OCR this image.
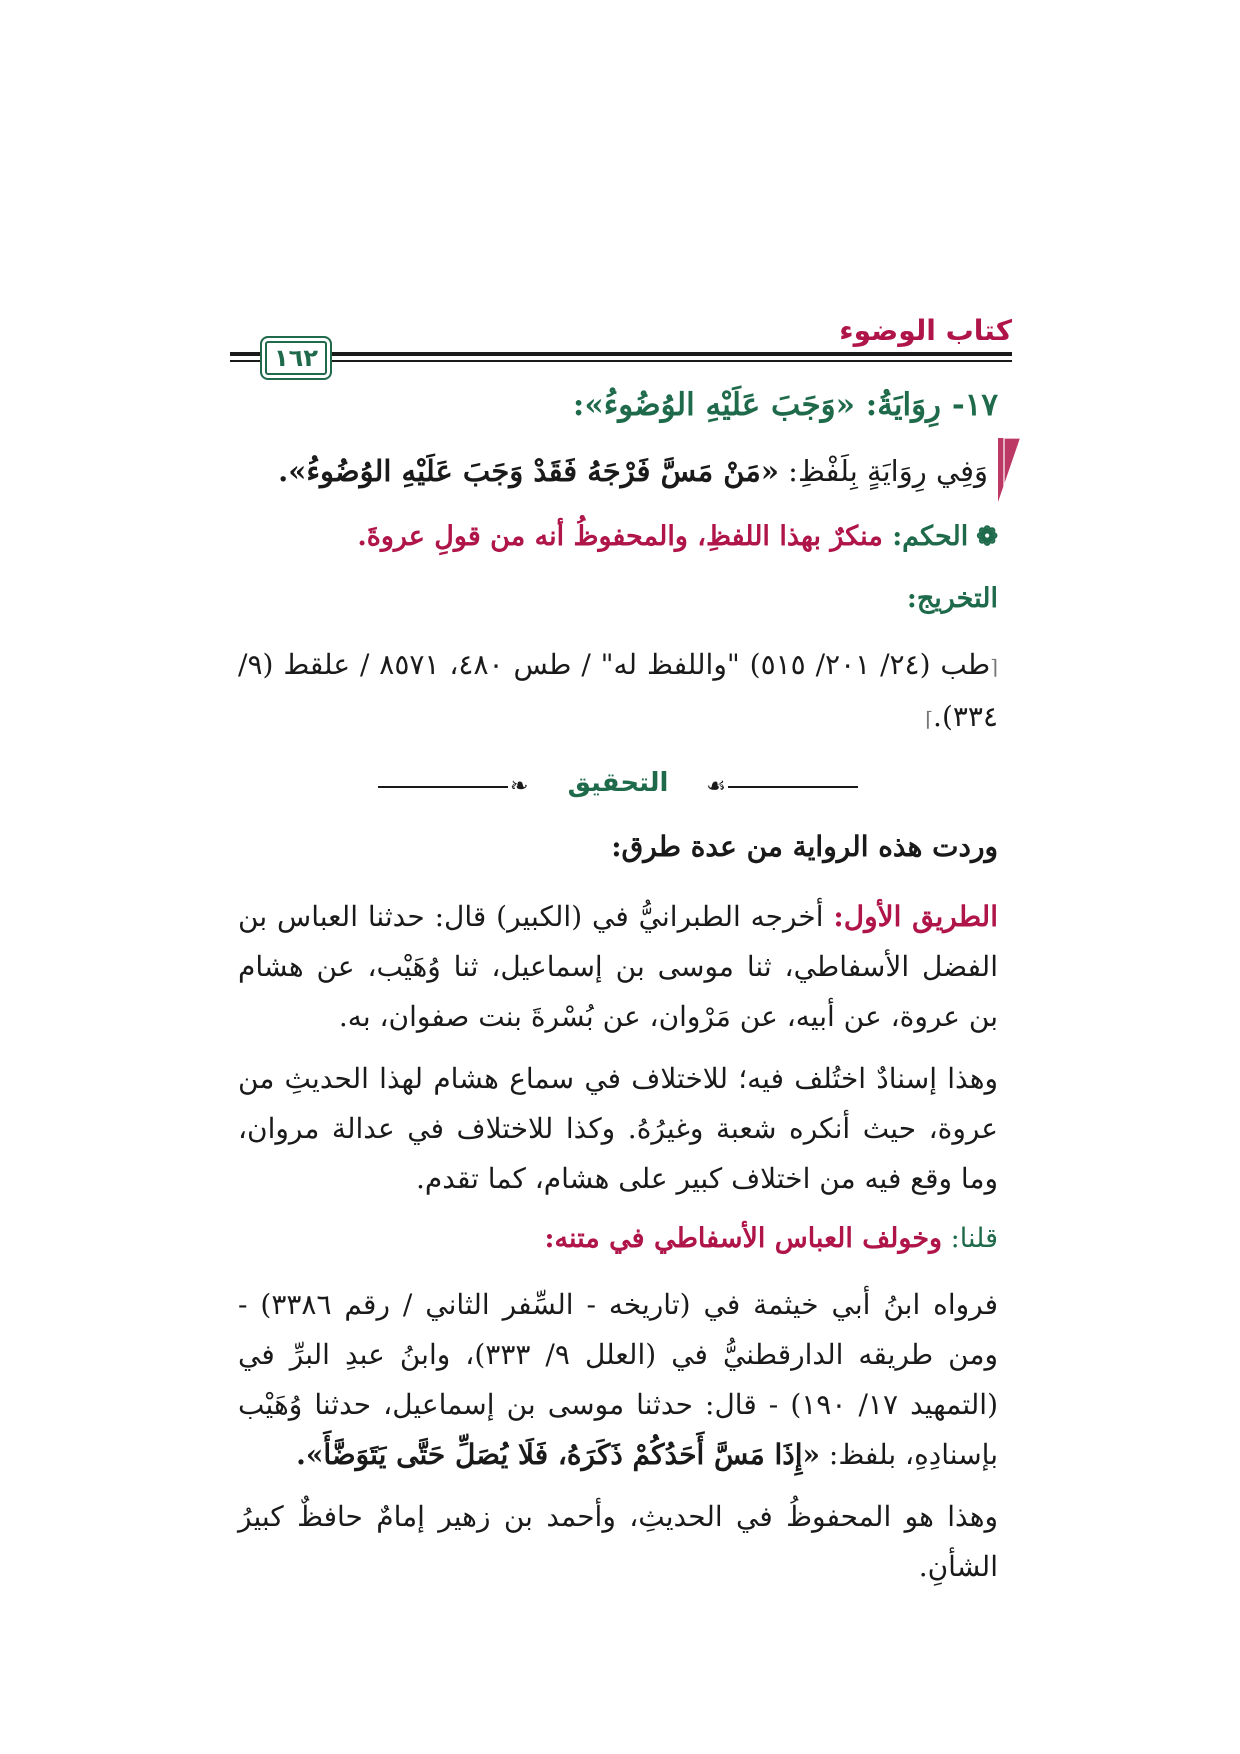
كتاب الوضوء
١٦٢

١٧- رِوَايَةُ: «وَجَبَ عَلَيْهِ الوُضُوءُ»:

وَفِي رِوَايَةٍ بِلَفْظِ: «مَنْ مَسَّ فَرْجَهُ فَقَدْ وَجَبَ عَلَيْهِ الوُضُوءُ».

❁الحكم: منكرٌ بهذا اللفظِ، والمحفوظُ أنه من قولِ عروةَ.

التخريج:

⌈طب (٢٤/ ٢٠١/ ٥١٥) "واللفظ له" / طس ٤٨٠، ٨٥٧١ / علقط (٩/ ٣٣٤).⌉

❧	☙
التحقيق

وردت هذه الرواية من عدة طرق:

الطريق الأول: أخرجه الطبرانيُّ في (الكبير) قال: حدثنا العباس بن الفضل الأسفاطي، ثنا موسى بن إسماعيل، ثنا وُهَيْب، عن هشام بن عروة، عن أبيه، عن مَرْوان، عن بُسْرةَ بنت صفوان، به.

وهذا إسنادٌ اختُلف فيه؛ للاختلاف في سماع هشام لهذا الحديثِ من عروة، حيث أنكره شعبة وغيرُهُ. وكذا للاختلاف في عدالة مروان، وما وقع فيه من اختلاف كبير على هشام، كما تقدم.

قلنا: وخولف العباس الأسفاطي في متنه:

فرواه ابنُ أبي خيثمة في (تاريخه - السِّفر الثاني / رقم ٣٣٨٦) - ومن طريقه الدارقطنيُّ في (العلل ٩/ ٣٣٣)، وابنُ عبدِ البرِّ في (التمهيد ١٧/ ١٩٠) - قال: حدثنا موسى بن إسماعيل، حدثنا وُهَيْب بإسنادِهِ، بلفظ: «إِذَا مَسَّ أَحَدُكُمْ ذَكَرَهُ، فَلَا يُصَلِّ حَتَّى يَتَوَضَّأَ».

وهذا هو المحفوظُ في الحديثِ، وأحمد بن زهير إمامٌ حافظٌ كبيرُ الشأنِ.
